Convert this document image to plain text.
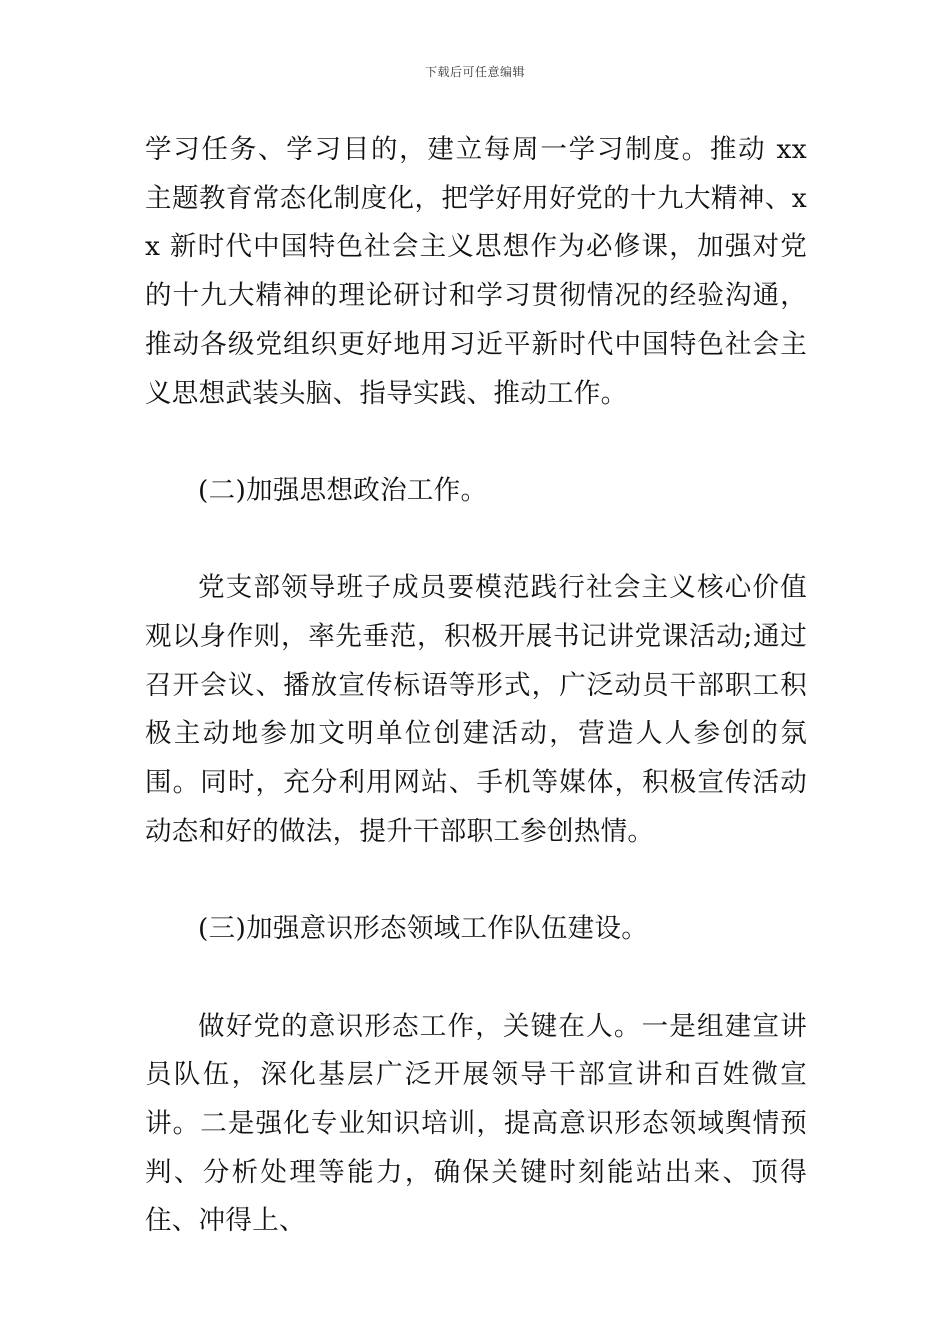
下载后可任意编辑

学习任务、学习目的，建立每周一学习制度。推动 xx 主题教育常态化制度化，把学好用好党的十九大精神、xx 新时代中国特色社会主义思想作为必修课，加强对党的十九大精神的理论研讨和学习贯彻情况的经验沟通，推动各级党组织更好地用习近平新时代中国特色社会主义思想武装头脑、指导实践、推动工作。

(二)加强思想政治工作。

党支部领导班子成员要模范践行社会主义核心价值观以身作则，率先垂范，积极开展书记讲党课活动;通过召开会议、播放宣传标语等形式，广泛动员干部职工积极主动地参加文明单位创建活动，营造人人参创的氛围。同时，充分利用网站、手机等媒体，积极宣传活动动态和好的做法，提升干部职工参创热情。

(三)加强意识形态领域工作队伍建设。

做好党的意识形态工作，关键在人。一是组建宣讲员队伍，深化基层广泛开展领导干部宣讲和百姓微宣讲。二是强化专业知识培训，提高意识形态领域舆情预判、分析处理等能力，确保关键时刻能站出来、顶得住、冲得上、
